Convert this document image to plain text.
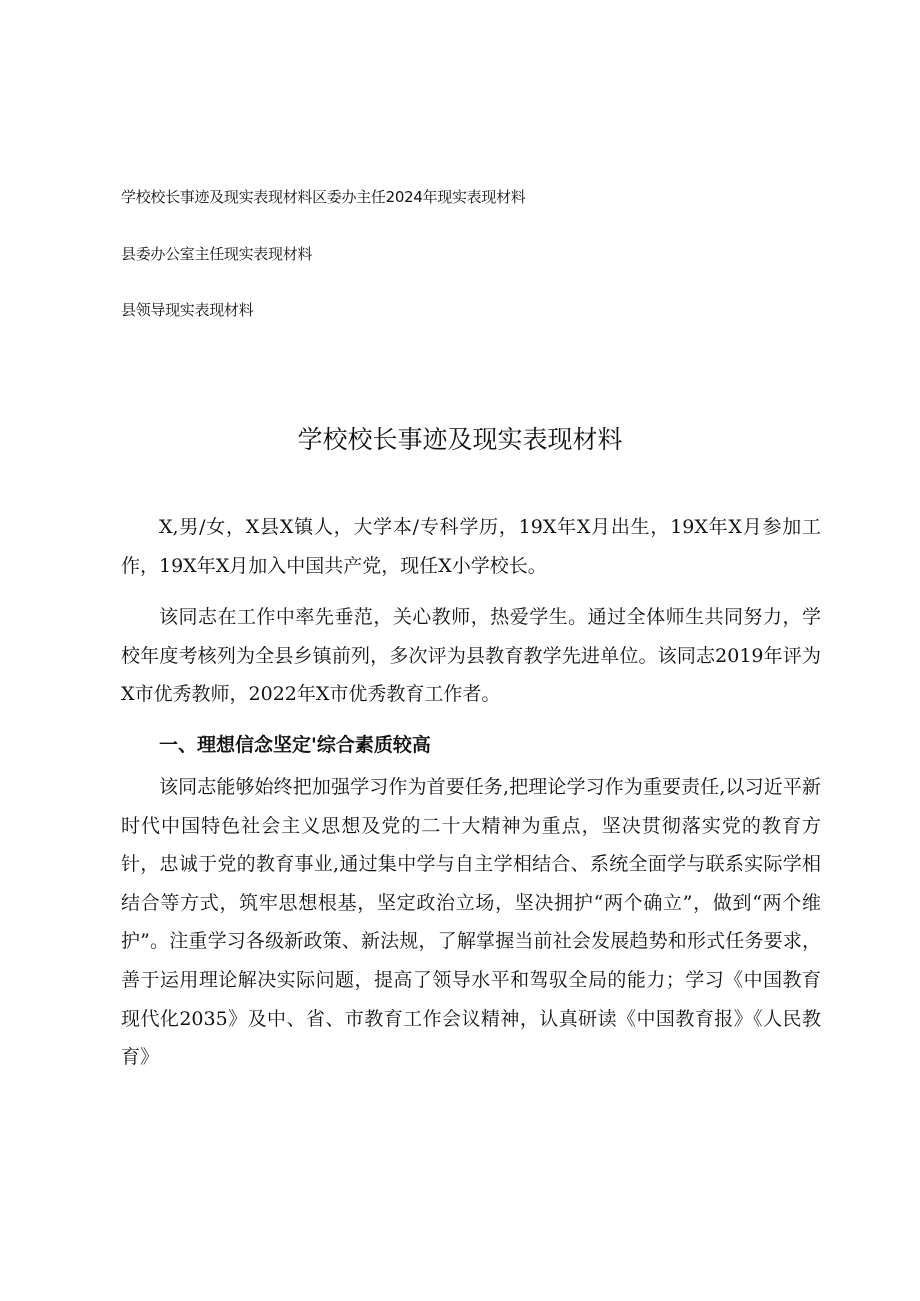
学校校长事迹及现实表现材料区委办主任2024年现实表现材料
县委办公室主任现实表现材料
县领导现实表现材料
学校校长事迹及现实表现材料

X,男/女，X县X镇人，大学本/专科学历，19X年X月出生，19X年X月参加工作，19X年X月加入中国共产党，现任X小学校长。

该同志在工作中率先垂范，关心教师，热爱学生。通过全体师生共同努力，学校年度考核列为全县乡镇前列，多次评为县教育教学先进单位。该同志2019年评为X市优秀教师，2022年X市优秀教育工作者。

一、理想信念坚定'综合素质较高

该同志能够始终把加强学习作为首要任务,把理论学习作为重要责任,以习近平新时代中国特色社会主义思想及党的二十大精神为重点，坚决贯彻落实党的教育方针，忠诚于党的教育事业,通过集中学与自主学相结合、系统全面学与联系实际学相结合等方式，筑牢思想根基，坚定政治立场，坚决拥护“两个确立”，做到“两个维护”。注重学习各级新政策、新法规，了解掌握当前社会发展趋势和形式任务要求，善于运用理论解决实际问题，提高了领导水平和驾驭全局的能力；学习《中国教育现代化2035》及中、省、市教育工作会议精神，认真研读《中国教育报》《人民教育》
